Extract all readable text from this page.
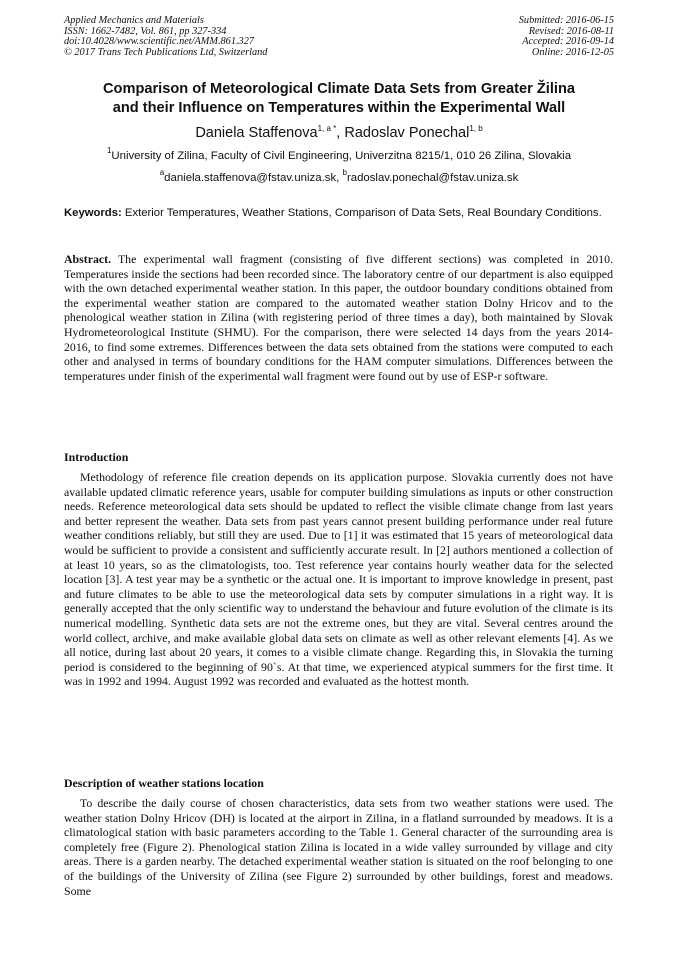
Applied Mechanics and Materials
ISSN: 1662-7482, Vol. 861, pp 327-334
doi:10.4028/www.scientific.net/AMM.861.327
© 2017 Trans Tech Publications Ltd, Switzerland
Submitted: 2016-06-15
Revised: 2016-08-11
Accepted: 2016-09-14
Online: 2016-12-05
Comparison of Meteorological Climate Data Sets from Greater Žilina
and their Influence on Temperatures within the Experimental Wall
Daniela Staffenova$^{1, a *}$, Radoslav Ponechal$^{1, b}$
$^1$University of Zilina, Faculty of Civil Engineering, Univerzitna 8215/1, 010 26 Zilina, Slovakia
$^a$daniela.staffenova@fstav.uniza.sk, $^b$radoslav.ponechal@fstav.uniza.sk
Keywords: Exterior Temperatures, Weather Stations, Comparison of Data Sets, Real Boundary Conditions.
Abstract. The experimental wall fragment (consisting of five different sections) was completed in 2010. Temperatures inside the sections had been recorded since. The laboratory centre of our department is also equipped with the own detached experimental weather station. In this paper, the outdoor boundary conditions obtained from the experimental weather station are compared to the automated weather station Dolny Hricov and to the phenological weather station in Zilina (with registering period of three times a day), both maintained by Slovak Hydrometeorological Institute (SHMU). For the comparison, there were selected 14 days from the years 2014-2016, to find some extremes. Differences between the data sets obtained from the stations were computed to each other and analysed in terms of boundary conditions for the HAM computer simulations. Differences between the temperatures under finish of the experimental wall fragment were found out by use of ESP-r software.
Introduction
Methodology of reference file creation depends on its application purpose. Slovakia currently does not have available updated climatic reference years, usable for computer building simulations as inputs or other construction needs. Reference meteorological data sets should be updated to reflect the visible climate change from last years and better represent the weather. Data sets from past years cannot present building performance under real future weather conditions reliably, but still they are used. Due to [1] it was estimated that 15 years of meteorological data would be sufficient to provide a consistent and sufficiently accurate result. In [2] authors mentioned a collection of at least 10 years, so as the climatologists, too. Test reference year contains hourly weather data for the selected location [3]. A test year may be a synthetic or the actual one. It is important to improve knowledge in present, past and future climates to be able to use the meteorological data sets by computer simulations in a right way. It is generally accepted that the only scientific way to understand the behaviour and future evolution of the climate is its numerical modelling. Synthetic data sets are not the extreme ones, but they are vital. Several centres around the world collect, archive, and make available global data sets on climate as well as other relevant elements [4]. As we all notice, during last about 20 years, it comes to a visible climate change. Regarding this, in Slovakia the turning period is considered to the beginning of 90`s. At that time, we experienced atypical summers for the first time. It was in 1992 and 1994. August 1992 was recorded and evaluated as the hottest month.
Description of weather stations location
To describe the daily course of chosen characteristics, data sets from two weather stations were used. The weather station Dolny Hricov (DH) is located at the airport in Zilina, in a flatland surrounded by meadows. It is a climatological station with basic parameters according to the Table 1. General character of the surrounding area is completely free (Figure 2). Phenological station Zilina is located in a wide valley surrounded by village and city areas. There is a garden nearby. The detached experimental weather station is situated on the roof belonging to one of the buildings of the University of Zilina (see Figure 2) surrounded by other buildings, forest and meadows. Some
